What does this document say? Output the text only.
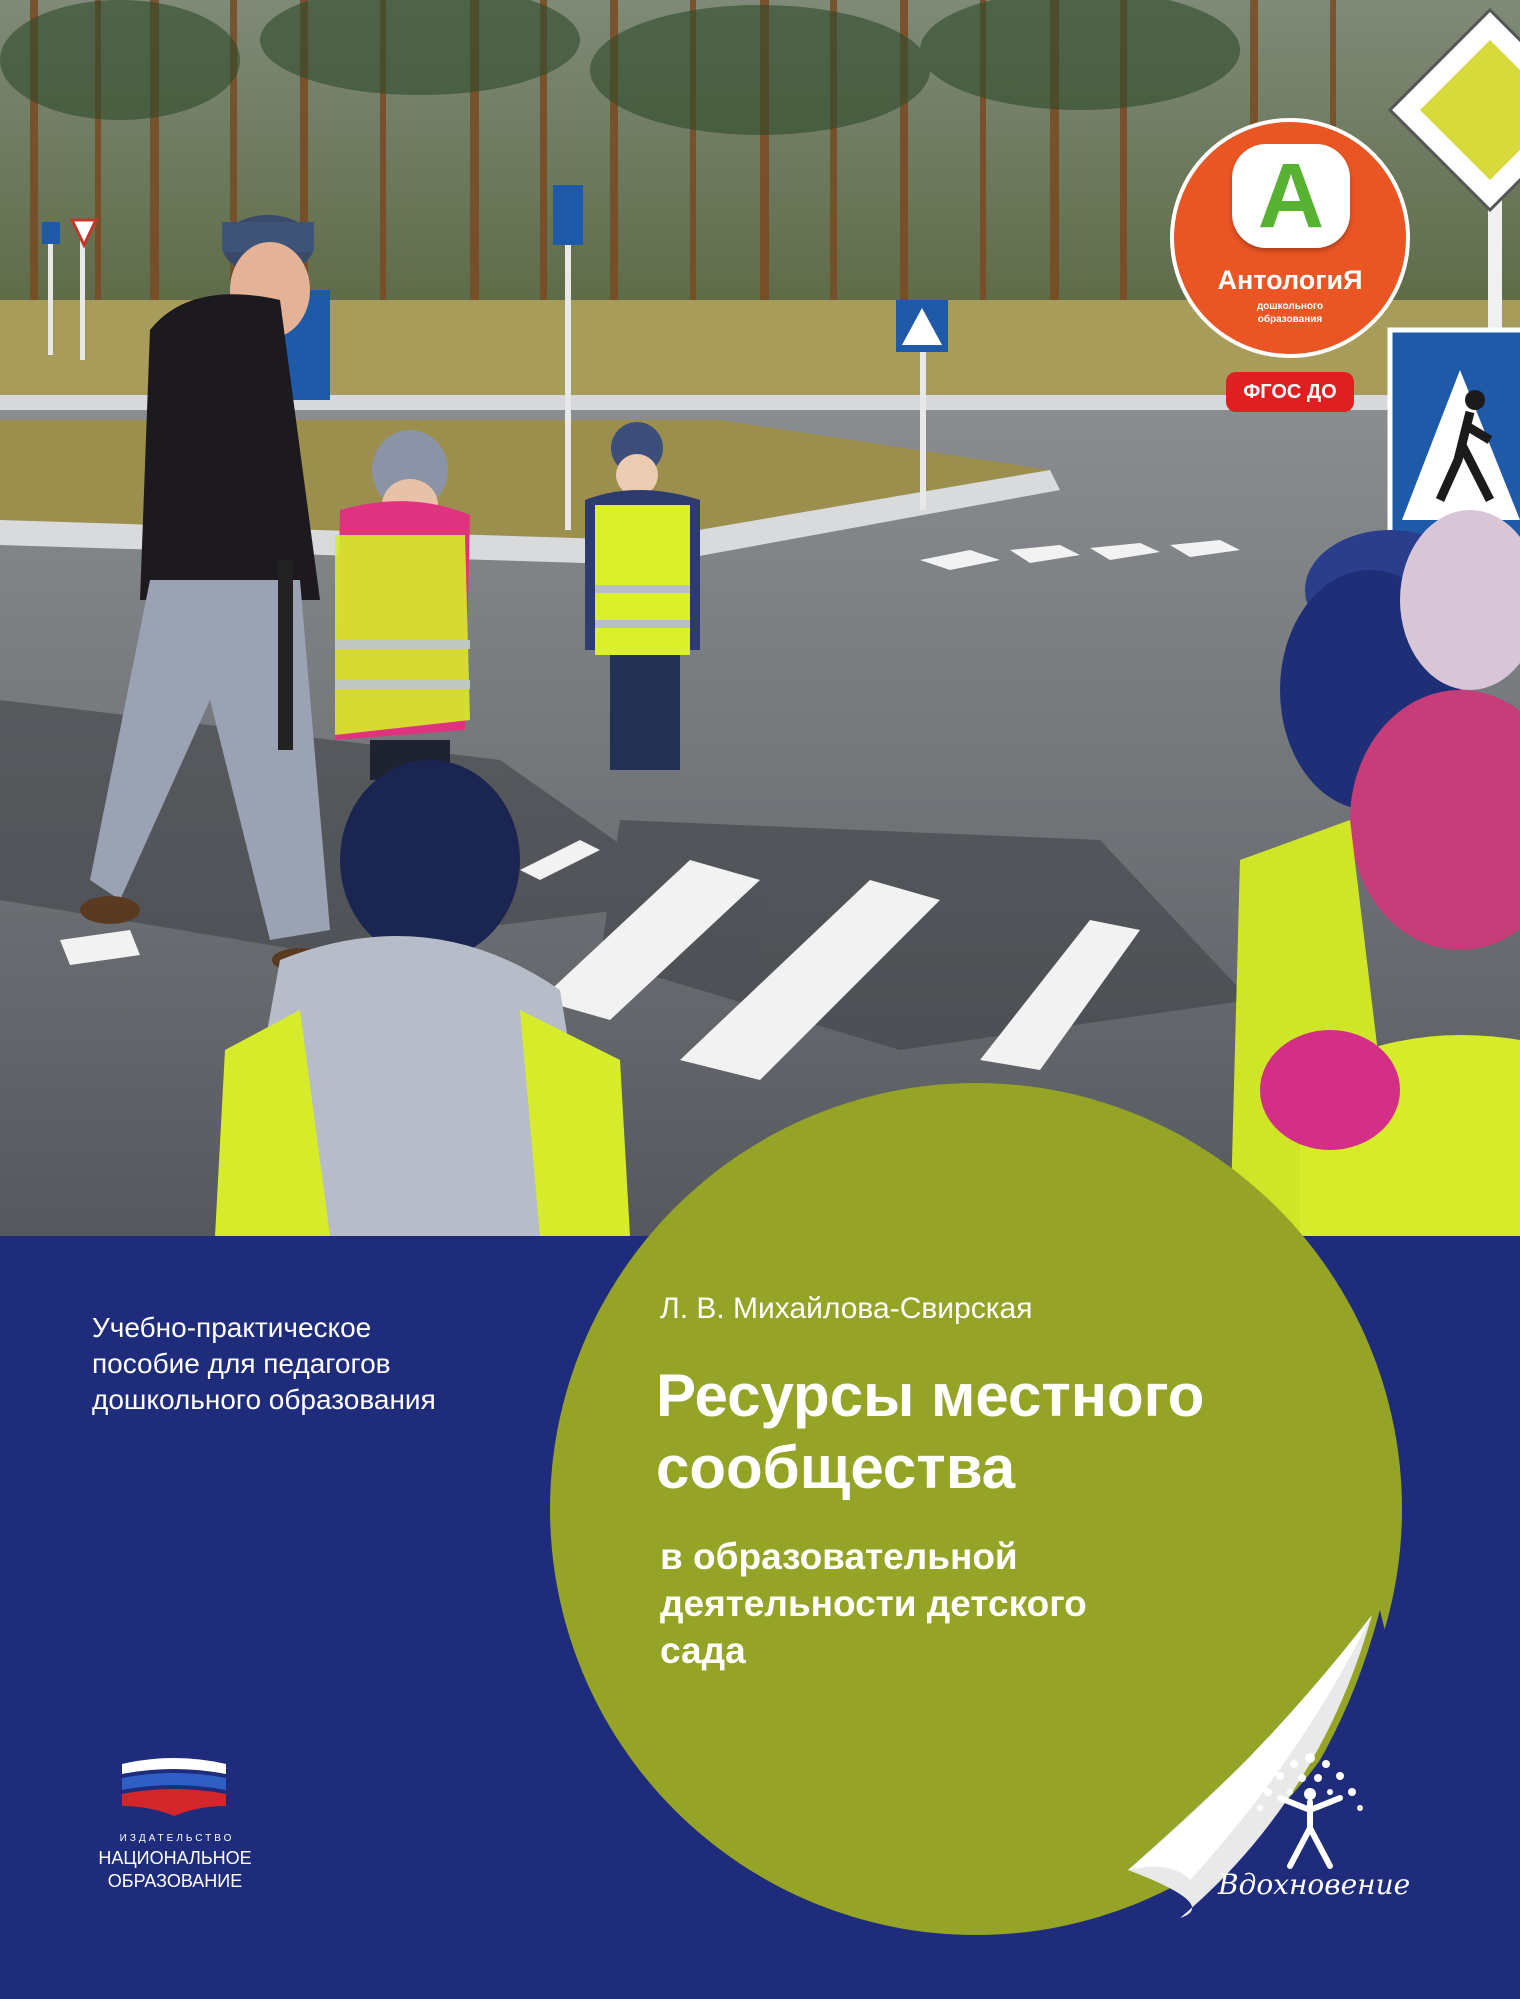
А
АнтологиЯ
дошкольного
образования
ФГОС ДО
Учебно-практическое
пособие для педагогов
дошкольного образования

Л. В. Михайлова-Свирская

Ресурсы местного
сообщества
в образовательной
деятельности детского
сада
ИЗДАТЕЛЬСТВО
НАЦИОНАЛЬНОЕ
ОБРАЗОВАНИЕ	Вдохновение
